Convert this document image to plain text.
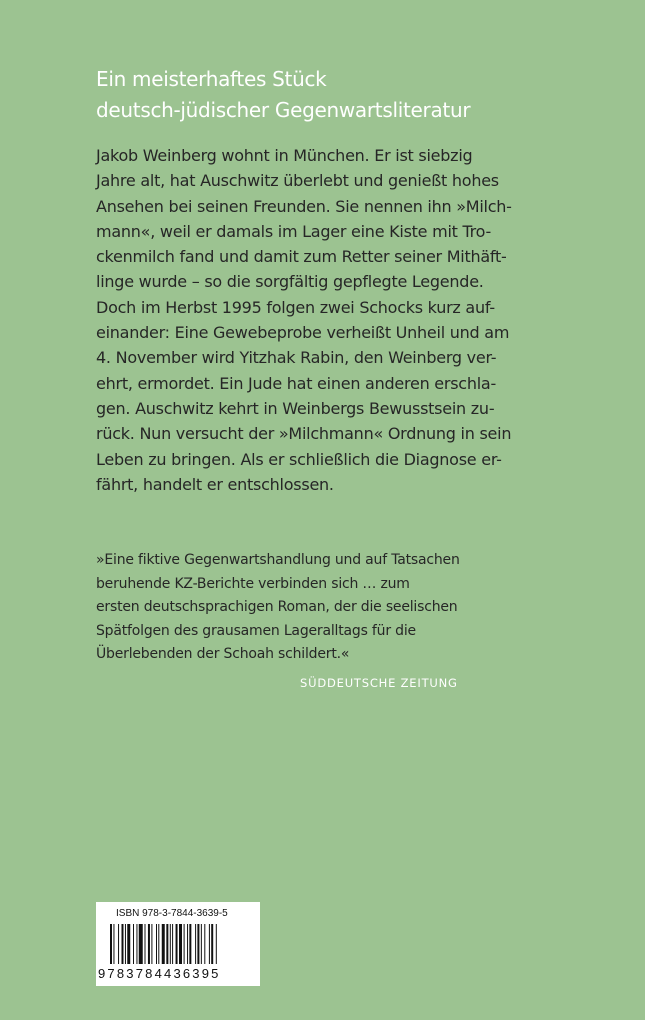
Ein meisterhaftes Stück
deutsch-jüdischer Gegenwartsliteratur
Jakob Weinberg wohnt in München. Er ist siebzig
Jahre alt, hat Auschwitz überlebt und genießt hohes
Ansehen bei seinen Freunden. Sie nennen ihn »Milch-
mann«, weil er damals im Lager eine Kiste mit Tro-
ckenmilch fand und damit zum Retter seiner Mithäft-
linge wurde – so die sorgfältig gepflegte Legende.
Doch im Herbst 1995 folgen zwei Schocks kurz auf-
einander: Eine Gewebeprobe verheißt Unheil und am
4. November wird Yitzhak Rabin, den Weinberg ver-
ehrt, ermordet. Ein Jude hat einen anderen erschla-
gen. Auschwitz kehrt in Weinbergs Bewusstsein zu-
rück. Nun versucht der »Milchmann« Ordnung in sein
Leben zu bringen. Als er schließlich die Diagnose er-
fährt, handelt er entschlossen.
»Eine fiktive Gegenwartshandlung und auf Tatsachen
beruhende KZ-Berichte verbinden sich … zum
ersten deutschsprachigen Roman, der die seelischen
Spätfolgen des grausamen Lageralltags für die
Überlebenden der Schoah schildert.«
SÜDDEUTSCHE ZEITUNG
ISBN 978-3-7844-3639-5
9783784436395
